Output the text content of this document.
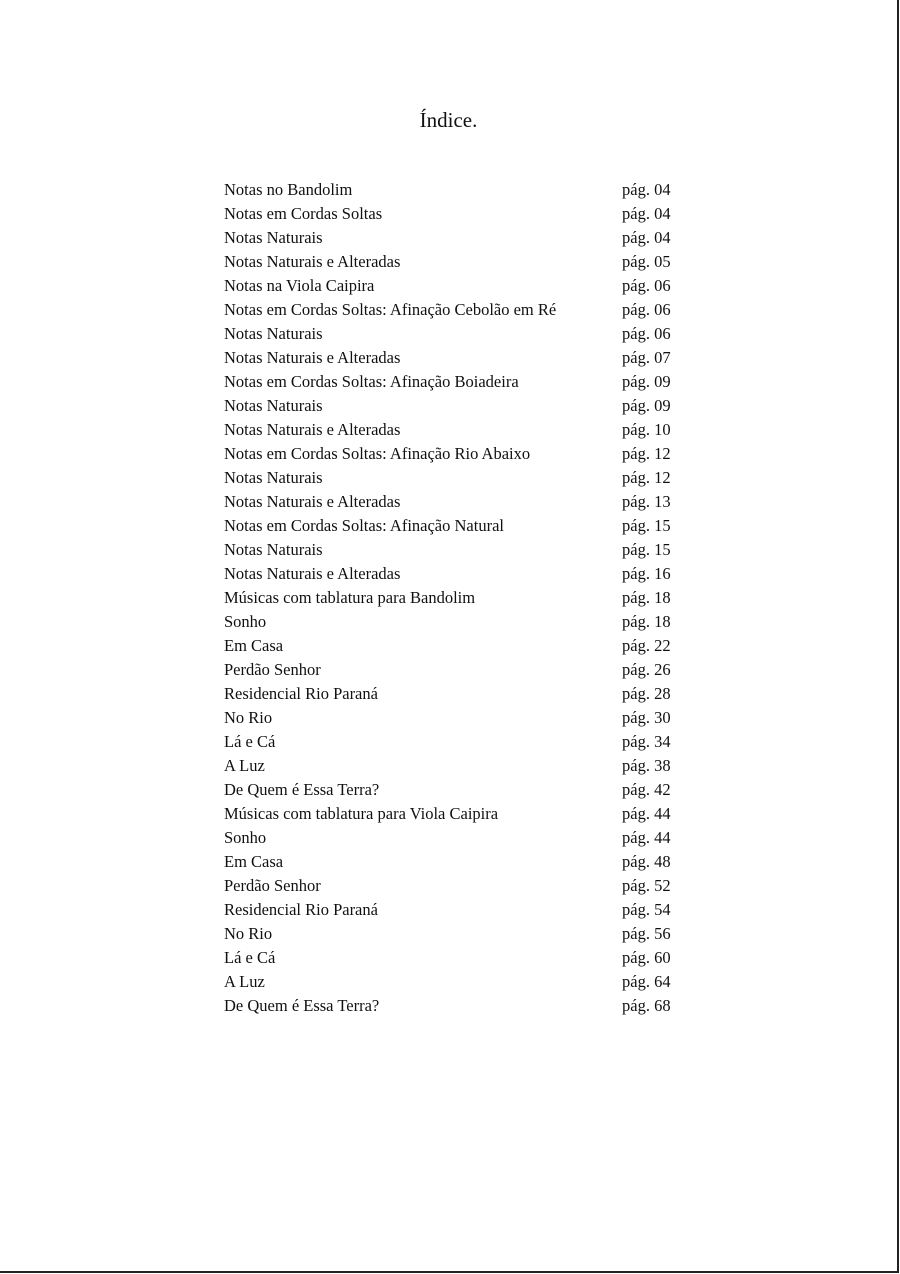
Índice.
Notas no Bandolim	pág. 04
Notas em Cordas Soltas	pág. 04
Notas Naturais	pág. 04
Notas Naturais e Alteradas	pág. 05
Notas na Viola Caipira	pág. 06
Notas em Cordas Soltas: Afinação Cebolão em Ré	pág. 06
Notas Naturais	pág. 06
Notas Naturais e Alteradas	pág. 07
Notas em Cordas Soltas: Afinação Boiadeira	pág. 09
Notas Naturais	pág. 09
Notas Naturais e Alteradas	pág. 10
Notas em Cordas Soltas: Afinação Rio Abaixo	pág. 12
Notas Naturais	pág. 12
Notas Naturais e Alteradas	pág. 13
Notas em Cordas Soltas: Afinação Natural	pág. 15
Notas Naturais	pág. 15
Notas Naturais e Alteradas	pág. 16
Músicas com tablatura para Bandolim	pág. 18
Sonho	pág. 18
Em Casa	pág. 22
Perdão Senhor	pág. 26
Residencial Rio Paraná	pág. 28
No Rio	pág. 30
Lá e Cá	pág. 34
A Luz	pág. 38
De Quem é Essa Terra?	pág. 42
Músicas com tablatura para Viola Caipira	pág. 44
Sonho	pág. 44
Em Casa	pág. 48
Perdão Senhor	pág. 52
Residencial Rio Paraná	pág. 54
No Rio	pág. 56
Lá e Cá	pág. 60
A Luz	pág. 64
De Quem é Essa Terra?	pág. 68
